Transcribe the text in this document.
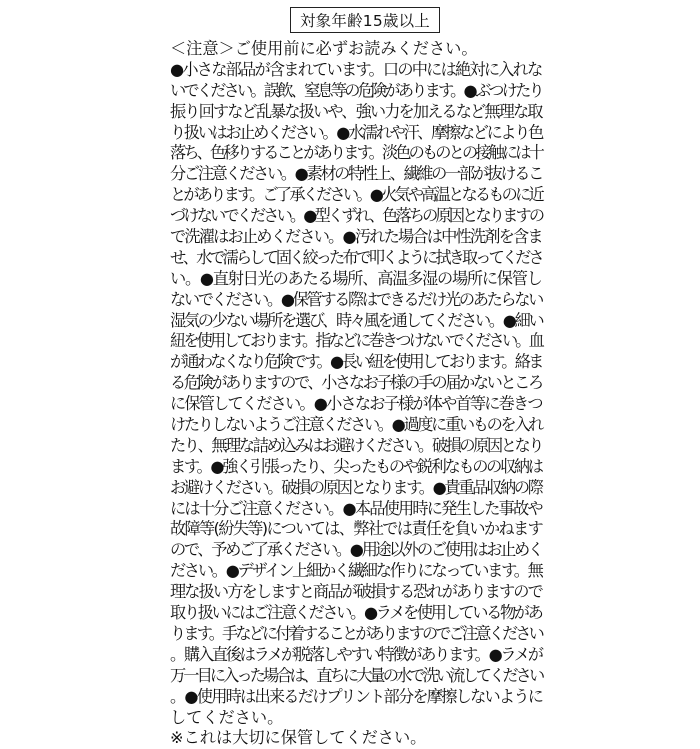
対象年齢15歳以上
＜注意＞ご使用前に必ずお読みください。
●小さな部品が含まれています。口の中には絶対に入れな
いでください。誤飲、窒息等の危険があります。●ぶつけたり
振り回すなど乱暴な扱いや、強い力を加えるなど無理な取
り扱いはお止めください。●水濡れや汗、摩擦などにより色
落ち、色移りすることがあります。淡色のものとの接触には十
分ご注意ください。●素材の特性上、繊維の一部が抜けるこ
とがあります。ご了承ください。●火気や高温となるものに近
づけないでください。●型くずれ、色落ちの原因となりますの
で洗濯はお止めください。●汚れた場合は中性洗剤を含ま
せ、水で濡らして固く絞った布で叩くように拭き取ってくださ
い。●直射日光のあたる場所、高温多湿の場所に保管し
ないでください。●保管する際はできるだけ光のあたらない
湿気の少ない場所を選び、時々風を通してください。●細い
紐を使用しております。指などに巻きつけないでください。血
が通わなくなり危険です。●長い紐を使用しております。絡ま
る危険がありますので、小さなお子様の手の届かないところ
に保管してください。●小さなお子様が体や首等に巻きつ
けたりしないようご注意ください。●過度に重いものを入れ
たり、無理な詰め込みはお避けください。破損の原因となり
ます。●強く引張ったり、尖ったものや鋭利なものの収納は
お避けください。破損の原因となります。●貴重品収納の際
には十分ご注意ください。●本品使用時に発生した事故や
故障等(紛失等)については、弊社では責任を負いかねます
ので、予めご了承ください。●用途以外のご使用はお止めく
ださい。●デザイン上細かく繊細な作りになっています。無
理な扱い方をしますと商品が破損する恐れがありますので
取り扱いにはご注意ください。●ラメを使用している物があ
ります。手などに付着することがありますのでご注意ください
。購入直後はラメが脱落しやすい特徴があります。●ラメが
万一目に入った場合は、直ちに大量の水で洗い流してください
。●使用時は出来るだけプリント部分を摩擦しないように
してください。
※これは大切に保管してください。
